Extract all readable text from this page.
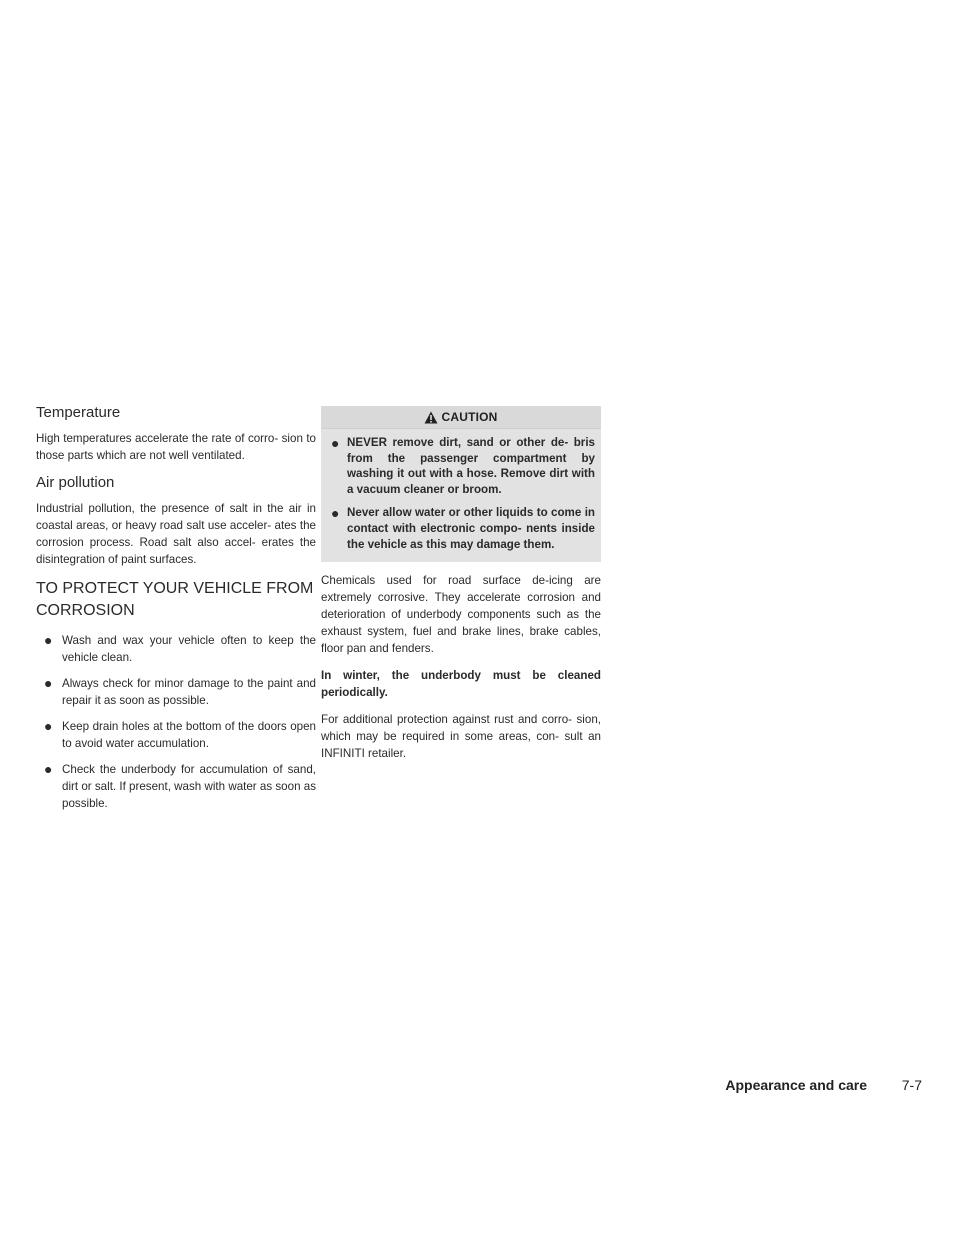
Temperature

High temperatures accelerate the rate of corro- sion to those parts which are not well ventilated.

Air pollution

Industrial pollution, the presence of salt in the air in coastal areas, or heavy road salt use acceler- ates the corrosion process. Road salt also accel- erates the disintegration of paint surfaces.

TO PROTECT YOUR VEHICLE FROM
CORROSION
● Wash and wax your vehicle often to keep the vehicle clean.
● Always check for minor damage to the paint and repair it as soon as possible.
● Keep drain holes at the bottom of the doors open to avoid water accumulation.
● Check the underbody for accumulation of sand, dirt or salt. If present, wash with water as soon as possible.
CAUTION
● NEVER remove dirt, sand or other de- bris from the passenger compartment by washing it out with a hose. Remove dirt with a vacuum cleaner or broom.
● Never allow water or other liquids to come in contact with electronic compo- nents inside the vehicle as this may damage them.

Chemicals used for road surface de-icing are extremely corrosive. They accelerate corrosion and deterioration of underbody components such as the exhaust system, fuel and brake lines, brake cables, floor pan and fenders.

In winter, the underbody must be cleaned periodically.

For additional protection against rust and corro- sion, which may be required in some areas, con- sult an INFINITI retailer.

Appearance and care 7-7
